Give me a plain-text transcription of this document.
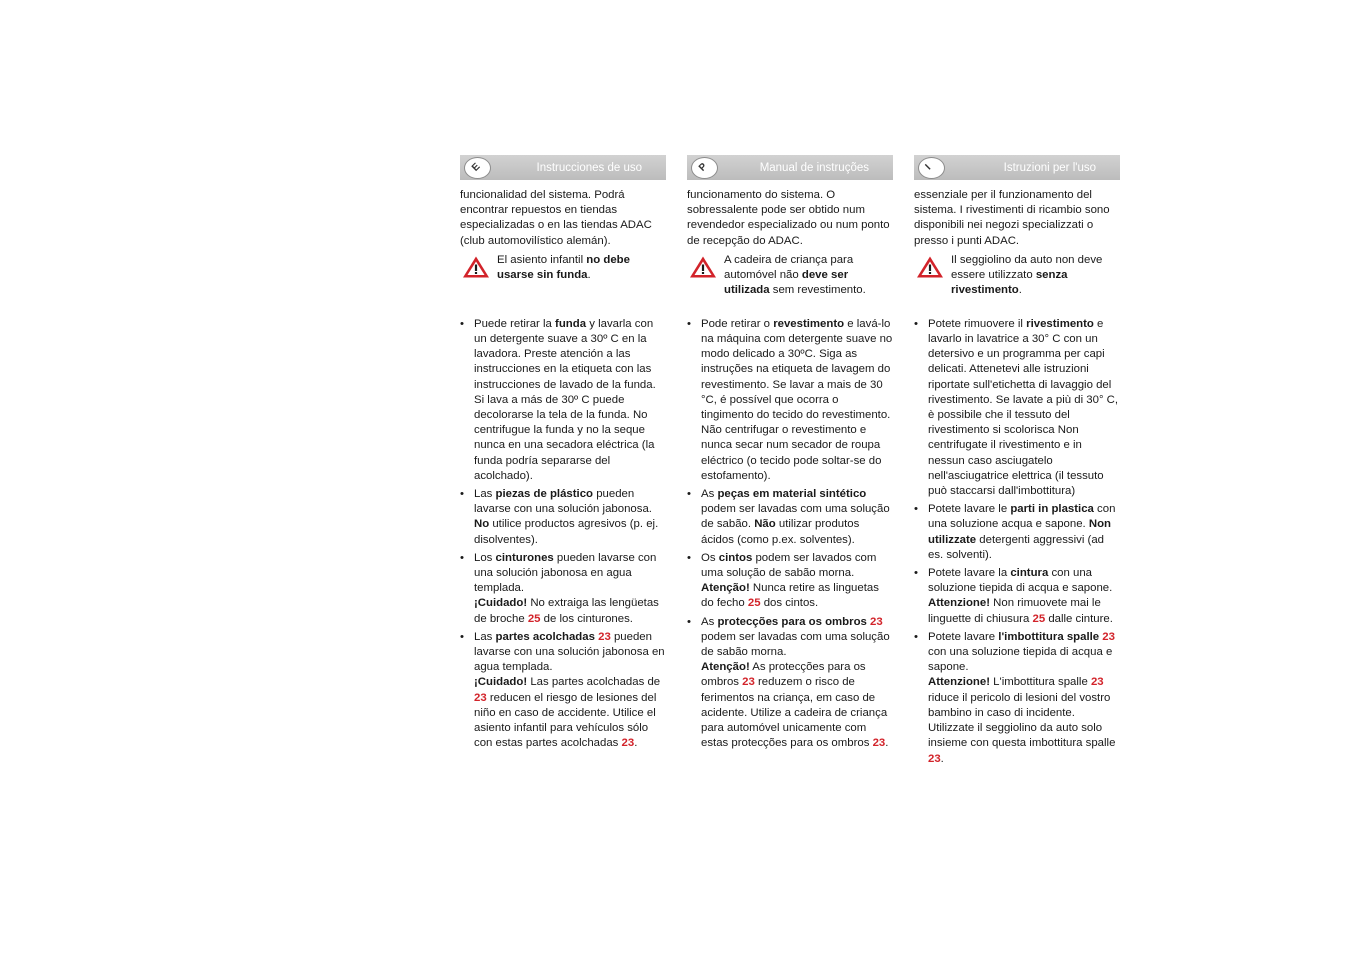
E	Instrucciones de uso

funcionalidad del sistema. Podrá encontrar repuestos en tiendas especializadas o en las tiendas ADAC (club automovilístico alemán).

El asiento infantil no debe usarse sin funda.
• Puede retirar la funda y lavarla con un detergente suave a 30º C en la lavadora. Preste atención a las instrucciones en la etiqueta con las instrucciones de lavado de la funda. Si lava a más de 30º C puede decolorarse la tela de la funda. No centrifugue la funda y no la seque nunca en una secadora eléctrica (la funda podría separarse del acolchado).
• Las piezas de plástico pueden lavarse con una solución jabonosa. No utilice productos agresivos (p. ej. disolventes).
• Los cinturones pueden lavarse con una solución jabonosa en agua templada.
¡Cuidado! No extraiga las lengüetas de broche 25 de los cinturones.
• Las partes acolchadas 23 pueden lavarse con una solución jabonosa en agua templada.
¡Cuidado! Las partes acolchadas de 23 reducen el riesgo de lesiones del niño en caso de accidente. Utilice el asiento infantil para vehículos sólo con estas partes acolchadas 23.
P	Manual de instruções

funcionamento do sistema. O sobressalente pode ser obtido num revendedor especializado ou num ponto de recepção do ADAC.

A cadeira de criança para automóvel não deve ser utilizada sem revestimento.
• Pode retirar o revestimento e lavá-lo na máquina com detergente suave no modo delicado a 30ºC. Siga as instruções na etiqueta de lavagem do revestimento. Se lavar a mais de 30 °C, é possível que ocorra o tingimento do tecido do revestimento. Não centrifugar o revestimento e nunca secar num secador de roupa eléctrico (o tecido pode soltar-se do estofamento).
• As peças em material sintético podem ser lavadas com uma solução de sabão. Não utilizar produtos ácidos (como p.ex. solventes).
• Os cintos podem ser lavados com uma solução de sabão morna.
Atenção! Nunca retire as linguetas do fecho 25 dos cintos.
• As protecções para os ombros 23 podem ser lavadas com uma solução de sabão morna.
Atenção! As protecções para os ombros 23 reduzem o risco de ferimentos na criança, em caso de acidente. Utilize a cadeira de criança para automóvel unicamente com estas protecções para os ombros 23.
I	Istruzioni per l'uso

essenziale per il funzionamento del sistema. I rivestimenti di ricambio sono disponibili nei negozi specializzati o presso i punti ADAC.

Il seggiolino da auto non deve essere utilizzato senza rivestimento.
• Potete rimuovere il rivestimento e lavarlo in lavatrice a 30° C con un detersivo e un programma per capi delicati. Attenetevi alle istruzioni riportate sull'etichetta di lavaggio del rivestimento. Se lavate a più di 30° C, è possibile che il tessuto del rivestimento si scolorisca Non centrifugate il rivestimento e in nessun caso asciugatelo nell'asciugatrice elettrica (il tessuto può staccarsi dall'imbottitura)
• Potete lavare le parti in plastica con una soluzione acqua e sapone. Non utilizzate detergenti aggressivi (ad es. solventi).
• Potete lavare la cintura con una soluzione tiepida di acqua e sapone.
Attenzione! Non rimuovete mai le linguette di chiusura 25 dalle cinture.
• Potete lavare l'imbottitura spalle 23 con una soluzione tiepida di acqua e sapone.
Attenzione! L'imbottitura spalle 23 riduce il pericolo di lesioni del vostro bambino in caso di incidente. Utilizzate il seggiolino da auto solo insieme con questa imbottitura spalle 23.
